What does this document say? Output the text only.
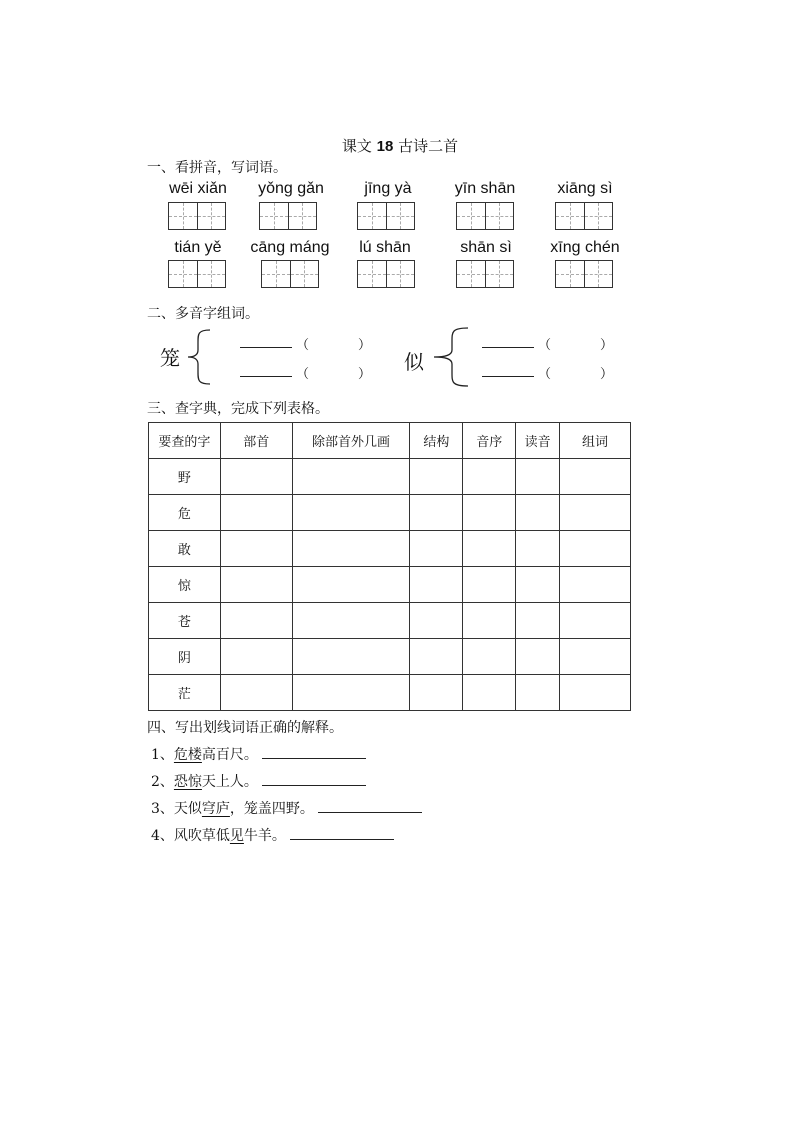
课文 18 古诗二首
一、看拼音，写词语。
wēi xiǎn	yǒng gǎn	jīng yà	yīn shān	xiāng sì
tián yě	cāng máng	lú shān	shān sì	xīng chén
二、多音字组词。
笼
（	）
（	）
似
（	）
（	）
三、查字典，完成下列表格。
要查的字	部首	除部首外几画	结构	音序	读音	组词
野						
危						
敢						
惊						
苍						
阴						
茫						
四、写出划线词语正确的解释。
1、危楼高百尺。
2、恐惊天上人。
3、天似穹庐，笼盖四野。
4、风吹草低见牛羊。
